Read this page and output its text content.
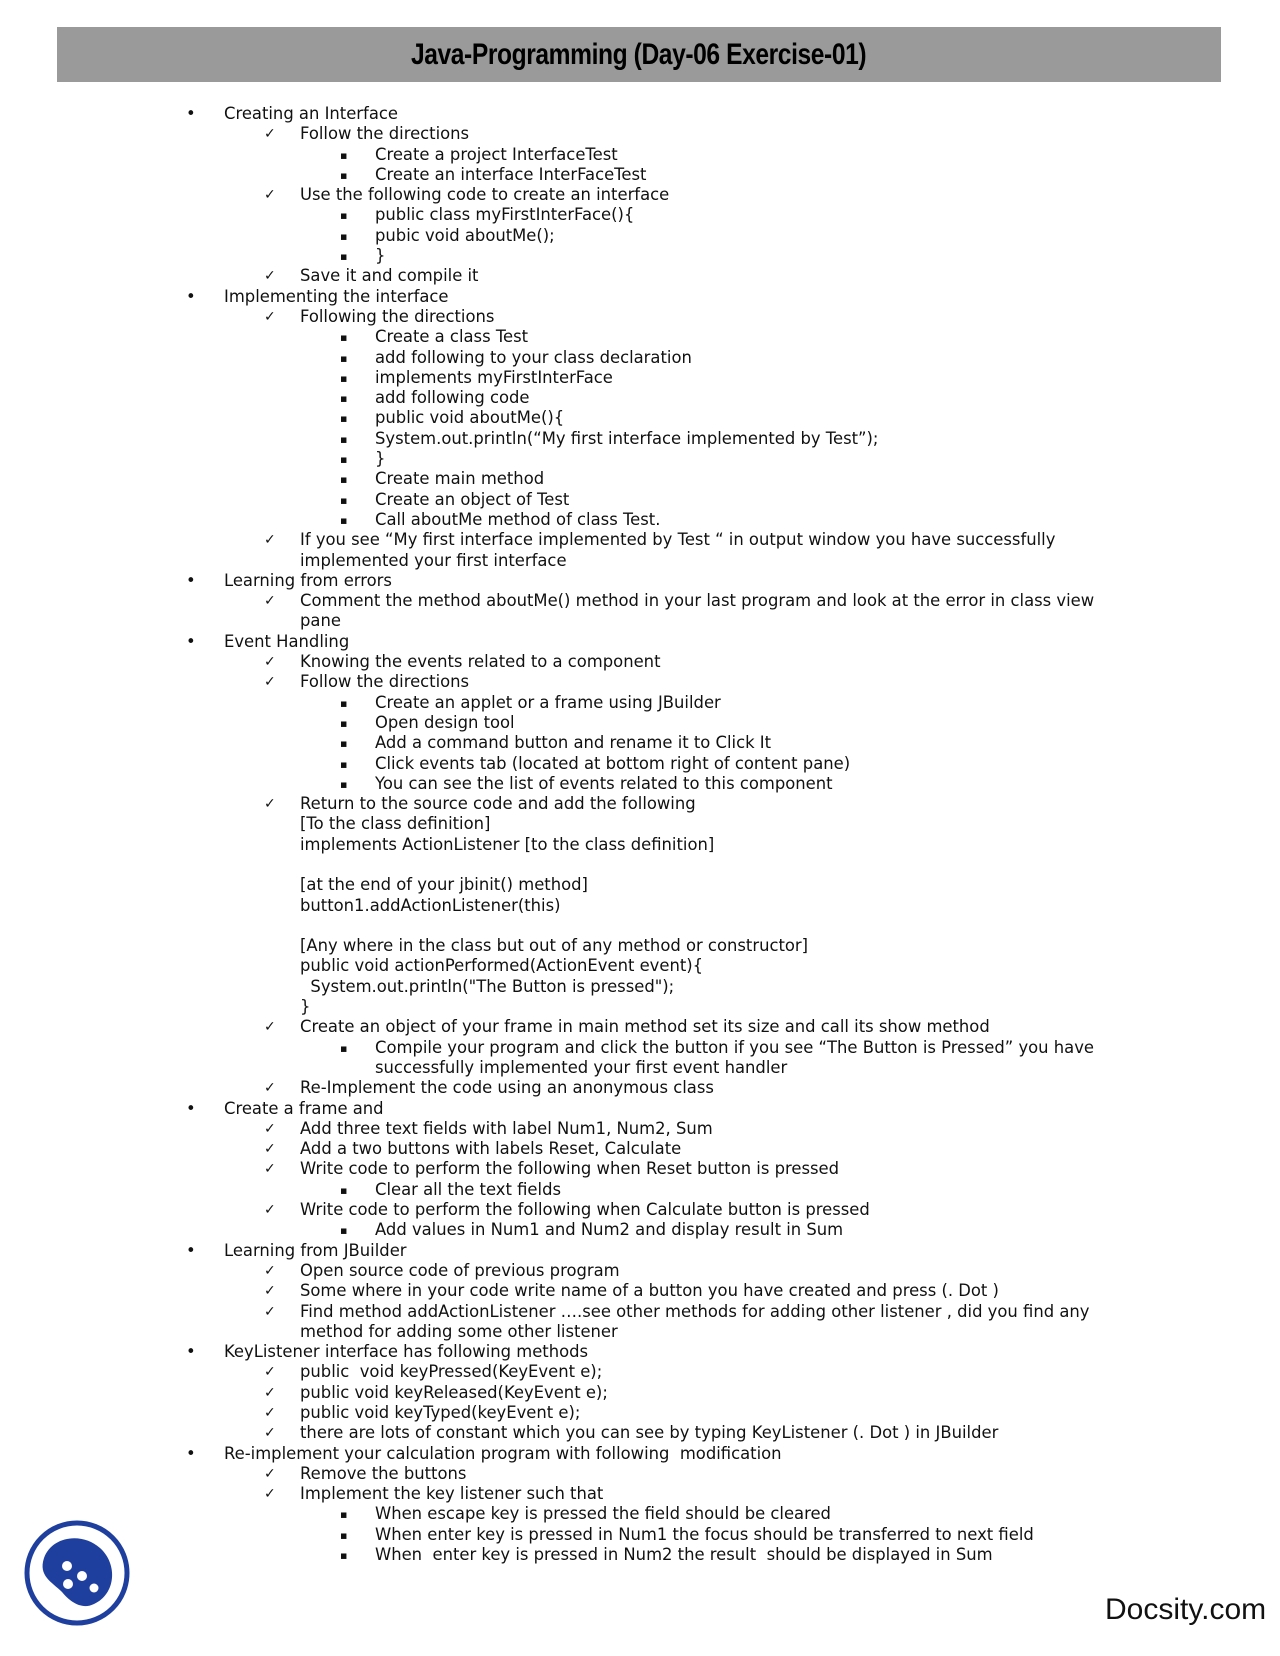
Java-Programming (Day-06 Exercise-01)
• Creating an Interface
✓ Follow the directions
▪ Create a project InterfaceTest
▪ Create an interface InterFaceTest
✓ Use the following code to create an interface
▪ public class myFirstInterFace(){
▪ pubic void aboutMe();
▪ }
✓ Save it and compile it
• Implementing the interface
✓ Following the directions
▪ Create a class Test
▪ add following to your class declaration
▪ implements myFirstInterFace
▪ add following code
▪ public void aboutMe(){
▪ System.out.println(“My first interface implemented by Test”);
▪ }
▪ Create main method
▪ Create an object of Test
▪ Call aboutMe method of class Test.
✓ If you see “My first interface implemented by Test “ in output window you have successfully implemented your first interface
• Learning from errors
✓ Comment the method aboutMe() method in your last program and look at the error in class view pane
• Event Handling
✓ Knowing the events related to a component
✓ Follow the directions
▪ Create an applet or a frame using JBuilder
▪ Open design tool
▪ Add a command button and rename it to Click It
▪ Click events tab (located at bottom right of content pane)
▪ You can see the list of events related to this component
✓ Return to the source code and add the following
[To the class definition]
implements ActionListener [to the class definition]
[at the end of your jbinit() method]
button1.addActionListener(this)
[Any where in the class but out of any method or constructor]
public void actionPerformed(ActionEvent event){
System.out.println("The Button is pressed");
}
✓ Create an object of your frame in main method set its size and call its show method
▪ Compile your program and click the button if you see “The Button is Pressed” you have successfully implemented your first event handler
✓ Re-Implement the code using an anonymous class
• Create a frame and
✓ Add three text fields with label Num1, Num2, Sum
✓ Add a two buttons with labels Reset, Calculate
✓ Write code to perform the following when Reset button is pressed
▪ Clear all the text fields
✓ Write code to perform the following when Calculate button is pressed
▪ Add values in Num1 and Num2 and display result in Sum
• Learning from JBuilder
✓ Open source code of previous program
✓ Some where in your code write name of a button you have created and press (. Dot )
✓ Find method addActionListener ….see other methods for adding other listener , did you find any method for adding some other listener
• KeyListener interface has following methods
✓ public  void keyPressed(KeyEvent e);
✓ public void keyReleased(KeyEvent e);
✓ public void keyTyped(keyEvent e);
✓ there are lots of constant which you can see by typing KeyListener (. Dot ) in JBuilder
• Re-implement your calculation program with following  modification
✓ Remove the buttons
✓ Implement the key listener such that
▪ When escape key is pressed the field should be cleared
▪ When enter key is pressed in Num1 the focus should be transferred to next field
▪ When  enter key is pressed in Num2 the result  should be displayed in Sum
Docsity.com
